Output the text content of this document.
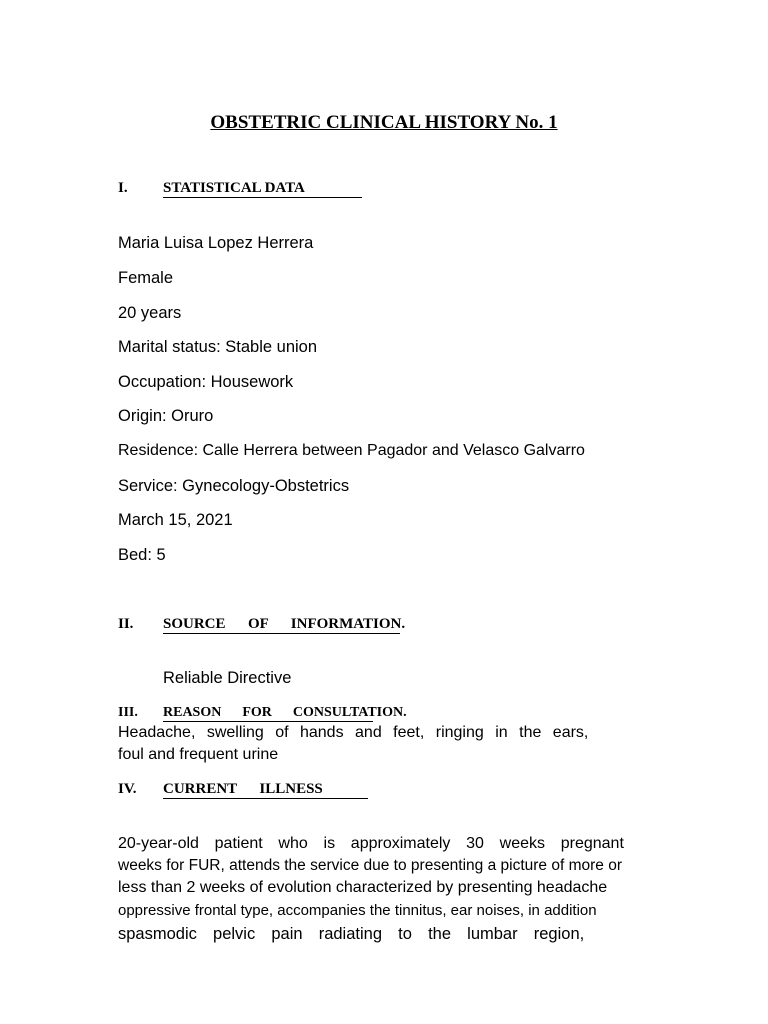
OBSTETRIC CLINICAL HISTORY No. 1
I. STATISTICAL DATA
Maria Luisa Lopez Herrera
Female
20 years
Marital status: Stable union
Occupation: Housework
Origin: Oruro
Residence: Calle Herrera between Pagador and Velasco Galvarro
Service: Gynecology-Obstetrics
March 15, 2021
Bed: 5
II. SOURCE      OF      INFORMATION.
Reliable Directive
III. REASON      FOR      CONSULTATION.
Headache, swelling of hands and feet, ringing in the ears,
foul and frequent urine
IV. CURRENT      ILLNESS
20-year-old patient who is approximately 30 weeks pregnant
weeks for FUR, attends the service due to presenting a picture of more or
less than 2 weeks of evolution characterized by presenting headache
oppressive frontal type, accompanies the tinnitus, ear noises, in addition
spasmodic pelvic pain radiating to the lumbar region,
